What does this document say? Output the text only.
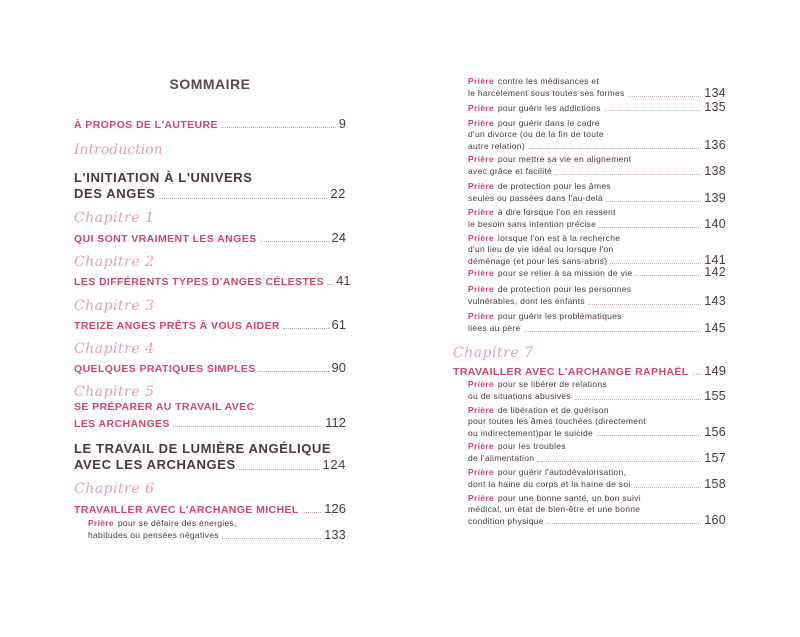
SOMMAIRE
À PROPOS DE L'AUTEURE	9
Introduction
L'INITIATION À L'UNIVERS
DES ANGES	22
Chapitre 1
QUI SONT VRAIMENT LES ANGES	24
Chapitre 2
LES DIFFÉRENTS TYPES D'ANGES CÉLESTES 41
Chapitre 3
TREIZE ANGES PRÊTS À VOUS AIDER	61
Chapitre 4
QUELQUES PRATIQUES SIMPLES	90
Chapitre 5
SE PRÉPARER AU TRAVAIL AVEC
LES ARCHANGES	112
LE TRAVAIL DE LUMIÈRE ANGÉLIQUE
AVEC LES ARCHANGES	124
Chapitre 6
TRAVAILLER AVEC L'ARCHANGE MICHEL 126
Prière pour se défaire des énergies,
habitudes ou pensées négatives	133
Prière contre les médisances et
le harcèlement sous toutes ses formes	134
Prière pour guérir les addictions	135
Prière pour guérir dans le cadre
d'un divorce (ou de la fin de toute
autre relation)	136
Prière pour mettre sa vie en alignement
avec grâce et facilité	138
Prière de protection pour les âmes
seules ou passées dans l'au-delà	139
Prière à dire lorsque l'on en ressent
le besoin sans intention précise	140
Prière lorsque l'on est à la recherche
d'un lieu de vie idéal ou lorsque l'on
déménage (et pour les sans-abris)	141
Prière pour se relier à sa mission de vie	142
Prière de protection pour les personnes
vulnérables, dont les enfants	143
Prière pour guérir les problématiques
liées au père	145
Chapitre 7
TRAVAILLER AVEC L'ARCHANGE RAPHAËL 149
Prière pour se libérer de relations
ou de situations abusives	155
Prière de libération et de guérison
pour toutes les âmes touchées (directement
ou indirectement)par le suicide	156
Prière pour les troubles
de l'alimentation	157
Prière pour guérir l'autodévalorisation,
dont la haine du corps et la haine de soi	158
Prière pour une bonne santé, un bon suivi
médical, un état de bien-être et une bonne
condition physique	160
